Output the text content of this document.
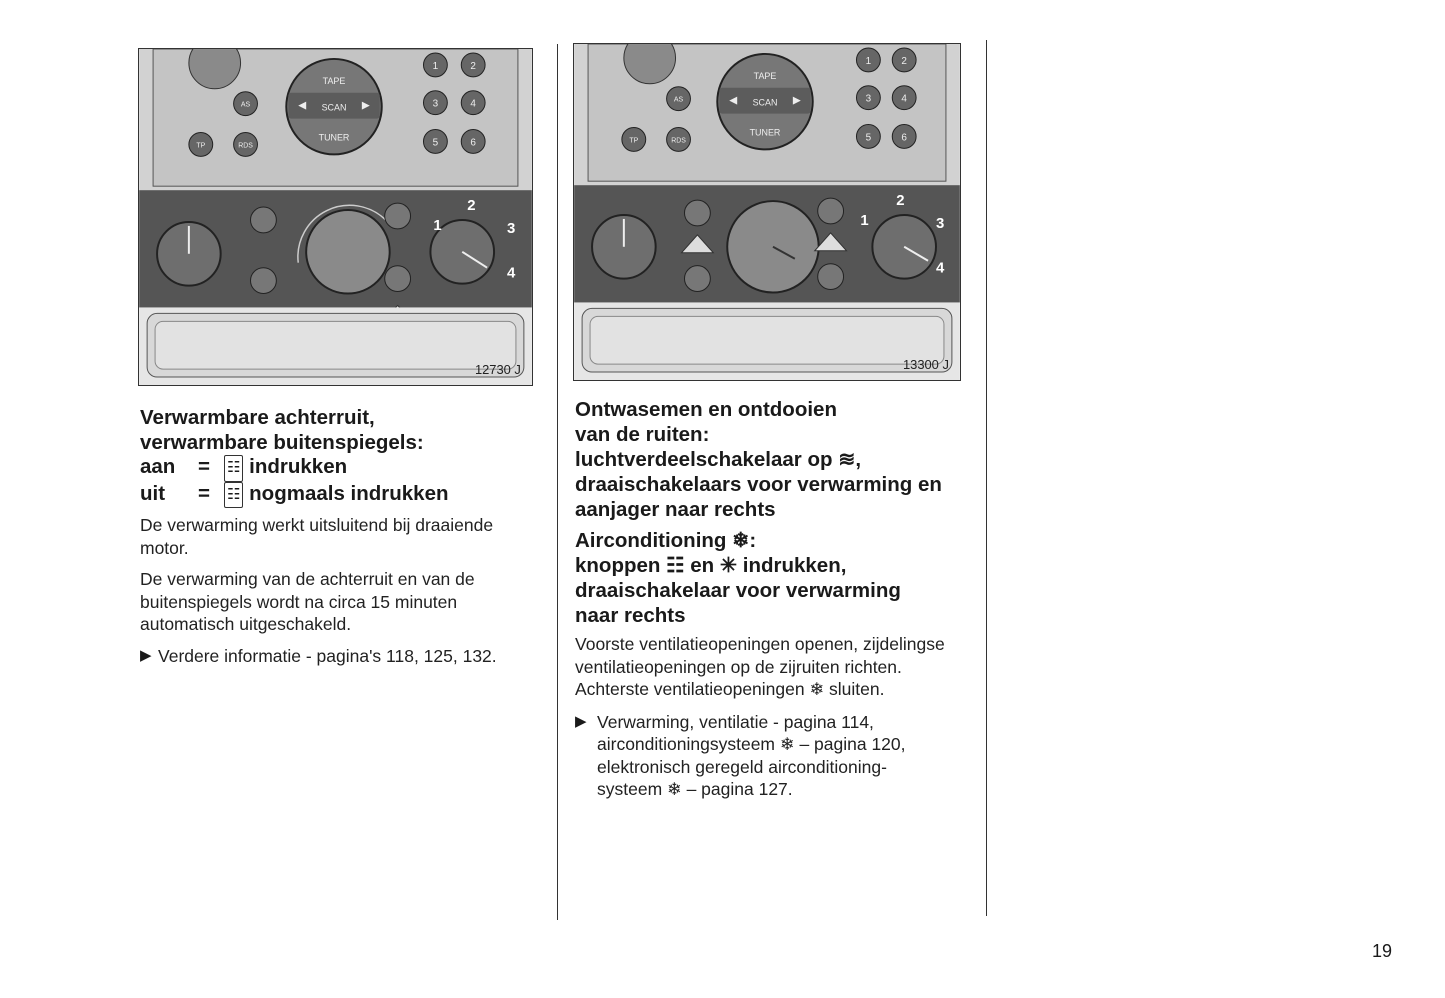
TAPE
SCAN
TUNER
AS
TP	RDS
1	2
3	4
5	6
1
2
3
4
12730 J
TAPE
SCAN
TUNER
AS
TP	RDS
1	2
3	4
5	6
1
2
3
4
13300 J

Verwarmbare achterruit,

verwarmbare buitenspiegels:

aan	=	☷
indrukken
uit	=	☷
nogmaals indrukken

De verwarming werkt uitsluitend bij draaiende motor.

De verwarming van de achterruit en van de buitenspiegels wordt na circa 15 minuten automatisch uitgeschakeld.

▶ Verdere informatie - pagina's 118, 125, 132.

Ontwasemen en ontdooien

van de ruiten:

luchtverdeelschakelaar op ≋,

draaischakelaars voor verwarming en

aanjager naar rechts

Airconditioning ❄:

knoppen ☷ en ✳ indrukken,

draaischakelaar voor verwarming

naar rechts

Voorste ventilatieopeningen openen, zijdelingse ventilatieopeningen op de zijruiten richten. Achterste ventilatieopeningen ❄ sluiten.

▶ Verwarming, ventilatie - pagina 114,
airconditioningsysteem ❄ – pagina 120,
elektronisch geregeld airconditioning-
systeem ❄ – pagina 127.
19
